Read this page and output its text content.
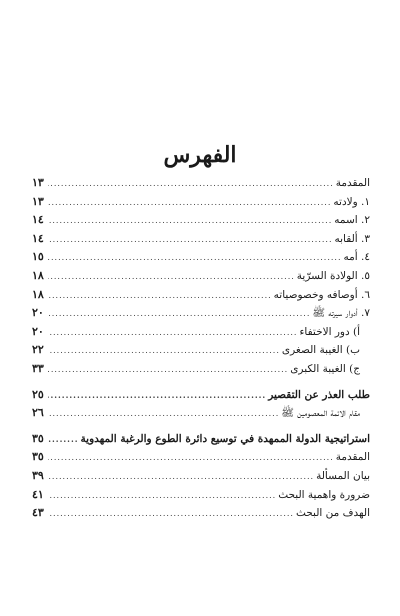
الفهرس
المقدمة
.....
١٣
١. ولادته
.....
١٣
٢. اسمه
.....
١٤
٣. ألقابه
.....
١٤
٤. أمه
.....
١٥
٥. الولادة السرّية
.....
١٨
٦. أوصافه وخصوصياته
.....
١٨
٧. أدوار سيرته ﷺ
.....
٢٠
أ) دور الاختفاء
.....
٢٠
ب) الغيبة الصغرى
.....
٢٢
ج) الغيبة الكبرى
.....
٣٣
طلب العذر عن التقصير
.....
٢٥
مقام الائمة المعصومين ﷺ
.....
٢٦
استراتيجية الدولة الممهدة في توسيع دائرة الطوع والرغبة المهدوية
.....
٣٥
المقدمة
.....
٣٥
بيان المسألة
.....
٣٩
ضرورة واهمية البحث
.....
٤١
الهدف من البحث
.....
٤٣
